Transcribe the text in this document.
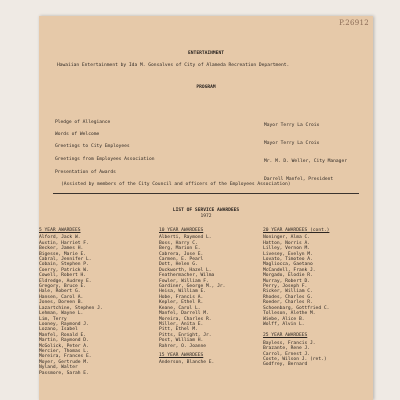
P.26912
ENTERTAINMENT
Hawaiian Entertainment by Ida M. Gonsalves of City of Alameda Recreation Department.
PROGRAM
Pledge of Allegiance
Mayor Terry La Croix
Words of Welcome
Mayor Terry La Croix
Greetings to City Employees
Mr. M. D. Weller, City Manager
Greetings from Employees Association
Darrell Manfel, President
Presentation of Awards
(Assisted by members of the City Council and officers of the Employees Association)
LIST OF SERVICE AWARDEES
1972
5 YEAR AWARDEES
Alford, Jack W.
Austin, Harriet F.
Becker, James H.
Bigesse, Marie E.
Cabral, Jennifer L.
Cobain, Stephen P.
Coerry, Patrick W.
Cowell, Robert H.
Eldredge, Audrey E.
Gregory, Bruce E.
Hale, Robert G.
Hansen, Carol A.
Jones, Doreen B.
Lazartchine, Stephen J.
Lehman, Wayne L.
Lim, Terry
Looney, Raymond J.
Lozano, Isabel
Manfel, Ronald E.
Martin, Raymond D.
McGolick, Peter A.
Mercier, Thomas L.
Moreira, Frances E.
Moyer, Gertrude M.
Nyland, Walter
Passmore, Sarah E.
10 YEAR AWARDEES
Alberti, Raymond L.
Boss, Harry C.
Berg, Marion E.
Cabrera, Jose E.
Carmen, E. Pearl
Dott, Helen G.
Duckworth, Hazel L.
Feathermacher, Wilma
Fowler, William F.
Gardiner, George M., Jr.
Heisa, William E.
Hobe, Francis A.
Kepler, Ethel R.
Keane, Carol L.
Manfel, Darrell M.
Moreira, Charles R.
Miller, Anita E.
Pitt, Ethel M.
Pitts, Enright, Jr.
Post, William H.
Rahrer, O. Joanne
15 YEAR AWARDEES
Anderson, Blanche E.
20 YEAR AWARDEES (cont.)
Noninger, Alma C.
Hatton, Norris A.
Lilley, Vernon M.
Livesey, Evelyn M.
Lovato, Timoteo A.
Magliocca, Gaetano
McCandell, Frank J.
Morgado, Elodie R.
Murray, Robert D.
Perry, Joseph F.
Ricker, William C.
Rhodes, Charles G.
Roeder, Charles R.
Schoenbarg, Gottfried C.
Tolleson, Alethe M.
Wiebe, Alice B.
Wolff, Alvin L.
25 YEAR AWARDEES
Bayless, Francis J.
Brazante, Rene J.
Carrol, Ernest J.
Coste, Wilson J. (ret.)
Godfrey, Bernard
